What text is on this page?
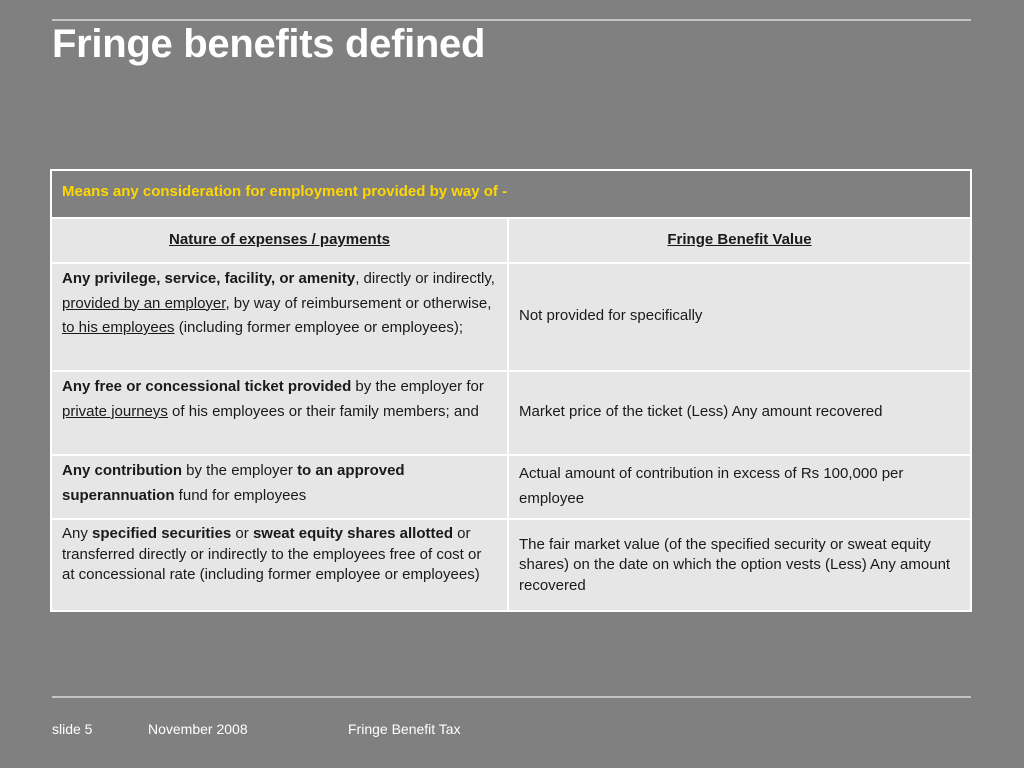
Fringe benefits defined
Means any consideration for employment provided by way of -	
Nature of expenses / payments	Fringe Benefit Value
Any privilege, service, facility, or amenity, directly or indirectly, provided by an employer, by way of reimbursement or otherwise, to his employees (including former employee or employees);	Not provided for specifically
Any free or concessional ticket provided by the employer for private journeys of his employees or their family members; and	Market price of the ticket (Less) Any amount recovered
Any contribution by the employer to an approved superannuation fund for employees	Actual amount of contribution in excess of Rs 100,000 per employee
Any specified securities or sweat equity shares allotted or transferred directly or indirectly to the employees free of cost or at concessional rate (including former employee or employees)	The fair market value (of the specified security or sweat equity shares) on the date on which the option vests (Less) Any amount recovered
slide 5	November 2008	Fringe Benefit Tax
